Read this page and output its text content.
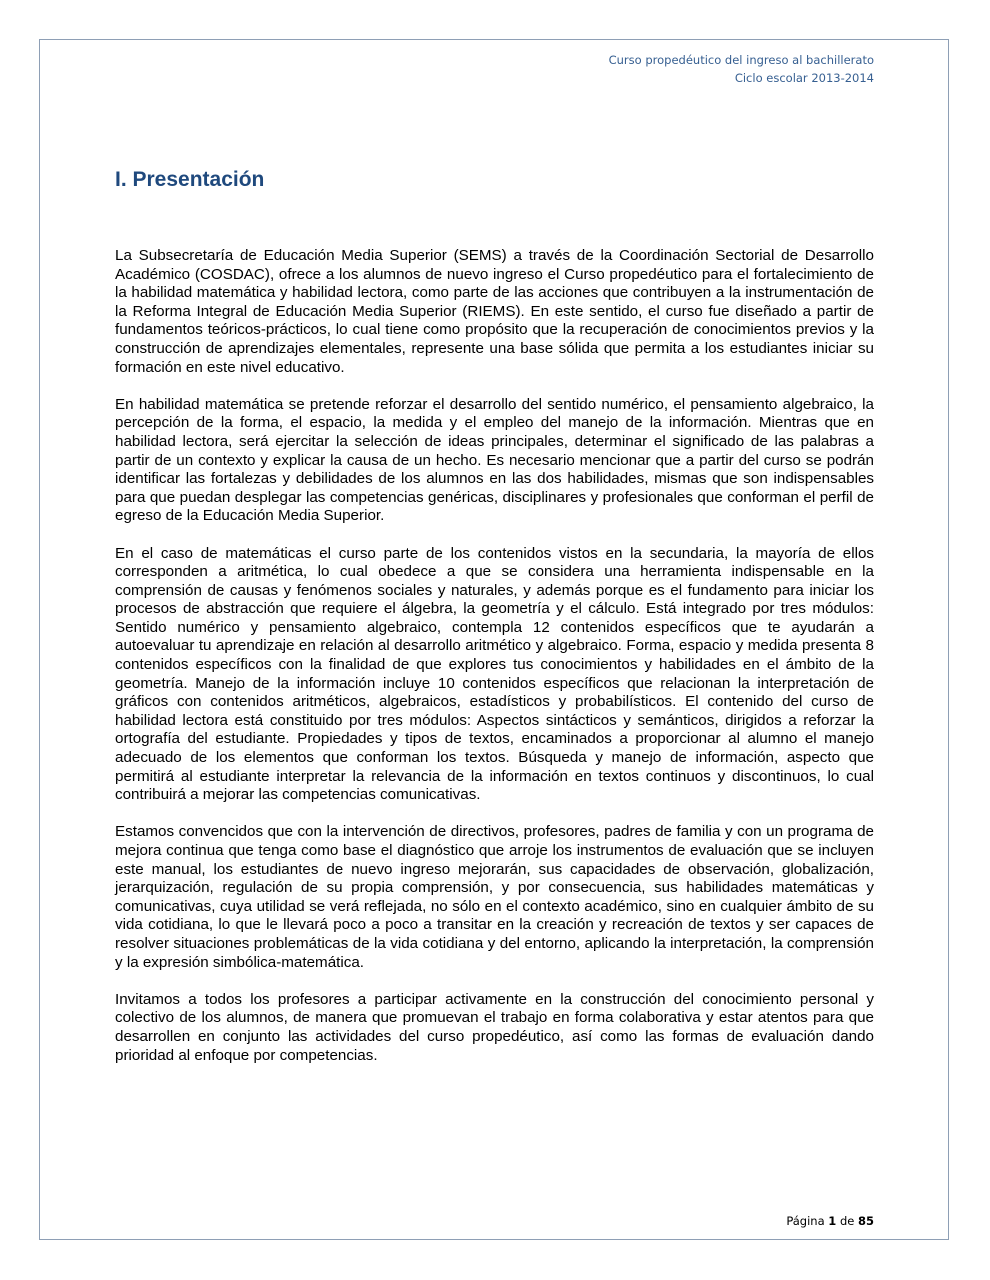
Curso propedéutico del ingreso al bachillerato
Ciclo escolar 2013-2014
I. Presentación

La Subsecretaría de Educación Media Superior (SEMS) a través de la Coordinación Sectorial de Desarrollo Académico (COSDAC), ofrece a los alumnos de nuevo ingreso el Curso propedéutico para el fortalecimiento de la habilidad matemática y habilidad lectora, como parte de las acciones que contribuyen a la instrumentación de la Reforma Integral de Educación Media Superior (RIEMS). En este sentido, el curso fue diseñado a partir de fundamentos teóricos-prácticos, lo cual tiene como propósito que la recuperación de conocimientos previos y la construcción de aprendizajes elementales, represente una base sólida que permita a los estudiantes iniciar su formación en este nivel educativo.

En habilidad matemática se pretende reforzar el desarrollo del sentido numérico, el pensamiento algebraico, la percepción de la forma, el espacio, la medida y el empleo del manejo de la información. Mientras que en habilidad lectora, será ejercitar la selección de ideas principales, determinar el significado de las palabras a partir de un contexto y explicar la causa de un hecho. Es necesario mencionar que a partir del curso se podrán identificar las fortalezas y debilidades de los alumnos en las dos habilidades, mismas que son indispensables para que puedan desplegar las competencias genéricas, disciplinares y profesionales que conforman el perfil de egreso de la Educación Media Superior.

En el caso de matemáticas el curso parte de los contenidos vistos en la secundaria, la mayoría de ellos corresponden a aritmética, lo cual obedece a que se considera una herramienta indispensable en la comprensión de causas y fenómenos sociales y naturales, y además porque es el fundamento para iniciar los procesos de abstracción que requiere el álgebra, la geometría y el cálculo. Está integrado por tres módulos: Sentido numérico y pensamiento algebraico, contempla 12 contenidos específicos que te ayudarán a autoevaluar tu aprendizaje en relación al desarrollo aritmético y algebraico. Forma, espacio y medida presenta 8 contenidos específicos con la finalidad de que explores tus conocimientos y habilidades en el ámbito de la geometría. Manejo de la información incluye 10 contenidos específicos que relacionan la interpretación de gráficos con contenidos aritméticos, algebraicos, estadísticos y probabilísticos. El contenido del curso de habilidad lectora está constituido por tres módulos: Aspectos sintácticos y semánticos, dirigidos a reforzar la ortografía del estudiante. Propiedades y tipos de textos, encaminados a proporcionar al alumno el manejo adecuado de los elementos que conforman los textos. Búsqueda y manejo de información, aspecto que permitirá al estudiante interpretar la relevancia de la información en textos continuos y discontinuos, lo cual contribuirá a mejorar las competencias comunicativas.

Estamos convencidos que con la intervención de directivos, profesores, padres de familia y con un programa de mejora continua que tenga como base el diagnóstico que arroje los instrumentos de evaluación que se incluyen este manual, los estudiantes de nuevo ingreso mejorarán, sus capacidades de observación, globalización, jerarquización, regulación de su propia comprensión, y por consecuencia, sus habilidades matemáticas y comunicativas, cuya utilidad se verá reflejada, no sólo en el contexto académico, sino en cualquier ámbito de su vida cotidiana, lo que le llevará poco a poco a transitar en la creación y recreación de textos y ser capaces de resolver situaciones problemáticas de la vida cotidiana y del entorno, aplicando la interpretación, la comprensión y la expresión simbólica-matemática.

Invitamos a todos los profesores a participar activamente en la construcción del conocimiento personal y colectivo de los alumnos, de manera que promuevan el trabajo en forma colaborativa y estar atentos para que desarrollen en conjunto las actividades del curso propedéutico, así como las formas de evaluación dando prioridad al enfoque por competencias.

Página 1 de 85
